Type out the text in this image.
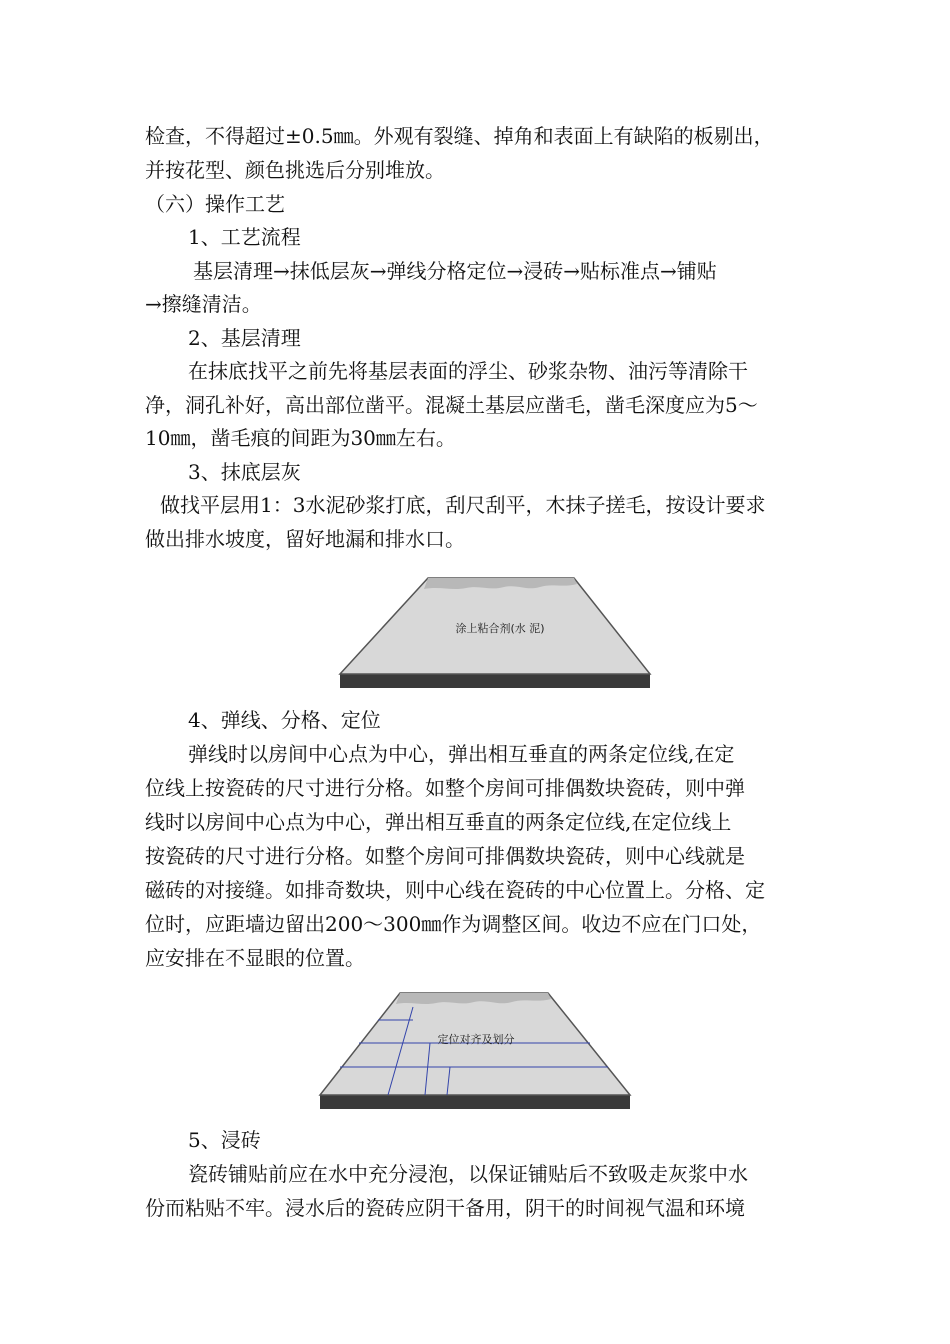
检查，不得超过±0.5㎜。外观有裂缝、掉角和表面上有缺陷的板剔出，
并按花型、颜色挑选后分别堆放。
（六）操作工艺
1、工艺流程
基层清理→抹低层灰→弹线分格定位→浸砖→贴标准点→铺贴
→擦缝清洁。
2、基层清理
在抹底找平之前先将基层表面的浮尘、砂浆杂物、油污等清除干
净，洞孔补好，高出部位凿平。混凝土基层应凿毛，凿毛深度应为5～
10㎜，凿毛痕的间距为30㎜左右。
3、抹底层灰
做找平层用1：3水泥砂浆打底，刮尺刮平，木抹子搓毛，按设计要求
做出排水坡度，留好地漏和排水口。
涂上粘合剂(水 泥)
4、弹线、分格、定位
弹线时以房间中心点为中心，弹出相互垂直的两条定位线,在定
位线上按瓷砖的尺寸进行分格。如整个房间可排偶数块瓷砖，则中弹
线时以房间中心点为中心，弹出相互垂直的两条定位线,在定位线上
按瓷砖的尺寸进行分格。如整个房间可排偶数块瓷砖，则中心线就是
磁砖的对接缝。如排奇数块，则中心线在瓷砖的中心位置上。分格、定
位时，应距墙边留出200～300㎜作为调整区间。收边不应在门口处，
应安排在不显眼的位置。
定位对齐及划分
5、浸砖
瓷砖铺贴前应在水中充分浸泡，以保证铺贴后不致吸走灰浆中水
份而粘贴不牢。浸水后的瓷砖应阴干备用，阴干的时间视气温和环境
